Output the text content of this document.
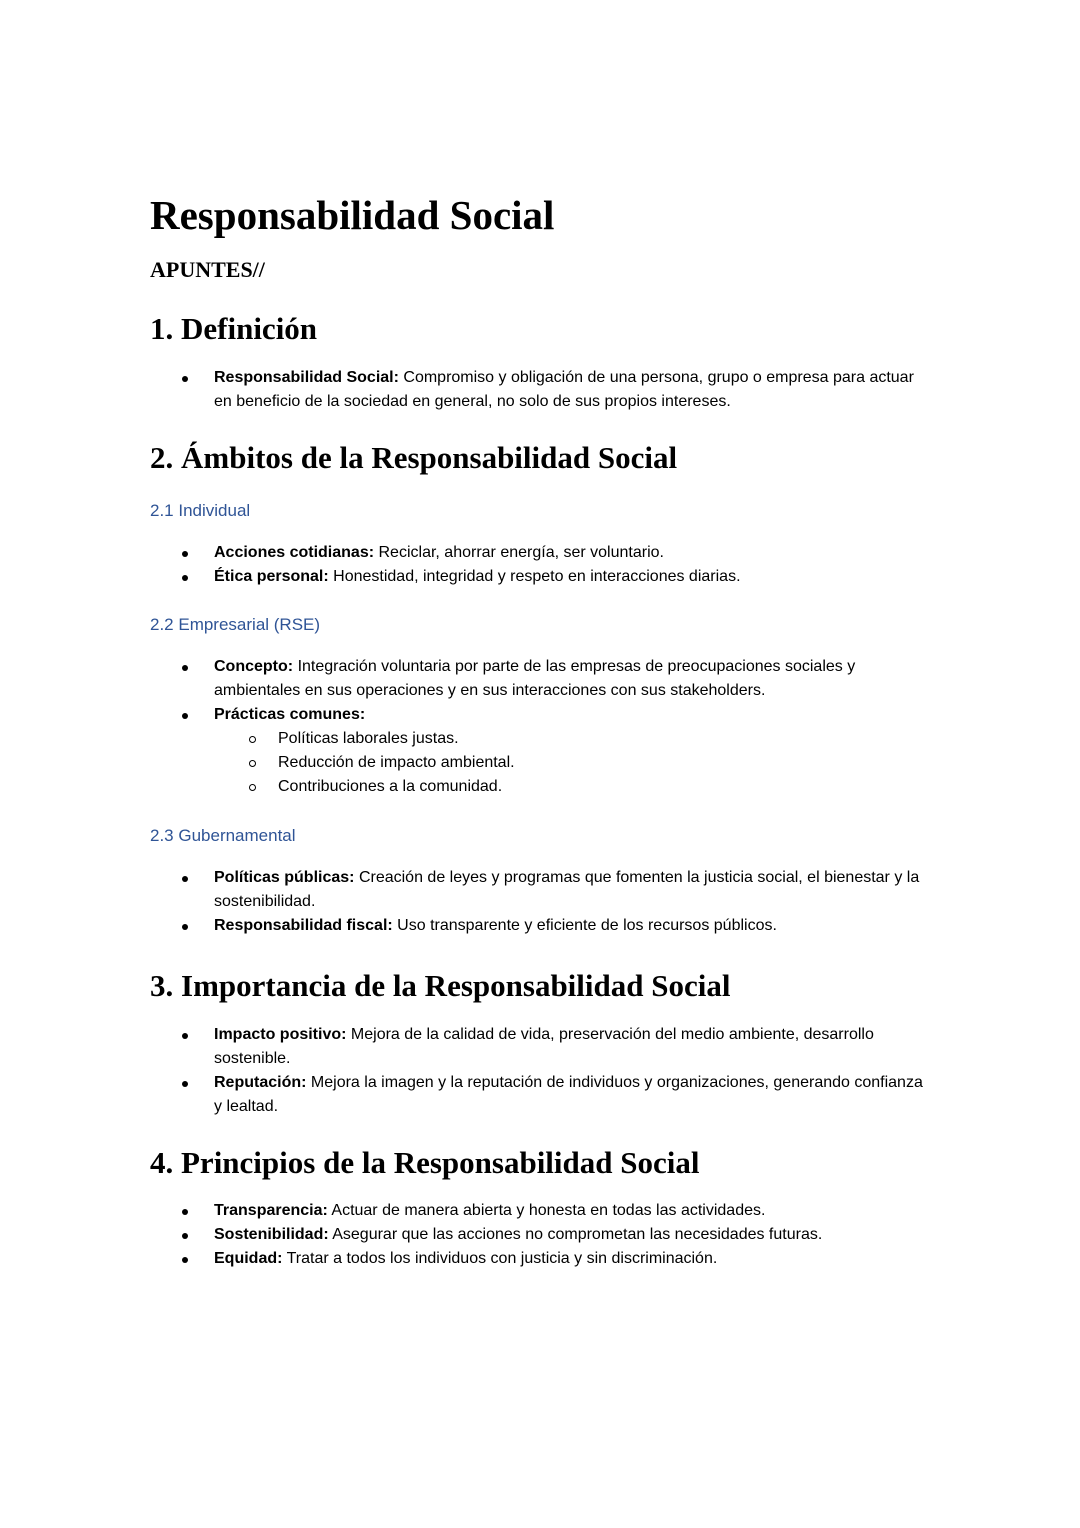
Responsabilidad Social
APUNTES//
1. Definición
Responsabilidad Social: Compromiso y obligación de una persona, grupo o empresa para actuar en beneficio de la sociedad en general, no solo de sus propios intereses.
2. Ámbitos de la Responsabilidad Social
2.1 Individual
Acciones cotidianas: Reciclar, ahorrar energía, ser voluntario.
Ética personal: Honestidad, integridad y respeto en interacciones diarias.
2.2 Empresarial (RSE)
Concepto: Integración voluntaria por parte de las empresas de preocupaciones sociales y ambientales en sus operaciones y en sus interacciones con sus stakeholders.
Prácticas comunes:
Políticas laborales justas.
Reducción de impacto ambiental.
Contribuciones a la comunidad.
2.3 Gubernamental
Políticas públicas: Creación de leyes y programas que fomenten la justicia social, el bienestar y la sostenibilidad.
Responsabilidad fiscal: Uso transparente y eficiente de los recursos públicos.
3. Importancia de la Responsabilidad Social
Impacto positivo: Mejora de la calidad de vida, preservación del medio ambiente, desarrollo sostenible.
Reputación: Mejora la imagen y la reputación de individuos y organizaciones, generando confianza y lealtad.
4. Principios de la Responsabilidad Social
Transparencia: Actuar de manera abierta y honesta en todas las actividades.
Sostenibilidad: Asegurar que las acciones no comprometan las necesidades futuras.
Equidad: Tratar a todos los individuos con justicia y sin discriminación.
